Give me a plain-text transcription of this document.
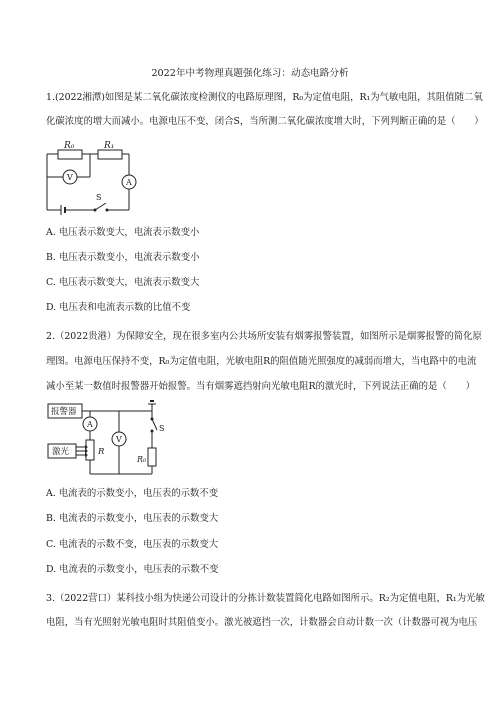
2022年中考物理真题强化练习：动态电路分析
1.(2022湘潭)如图是某二氧化碳浓度检测仪的电路原理图，R₀为定值电阻，R₁为气敏电阻，其阻值随二氧
化碳浓度的增大而减小。电源电压不变，闭合S，当所测二氧化碳浓度增大时，下列判断正确的是（　　）
R₀	R₁
V
A
S
A. 电压表示数变大，电流表示数变小
B. 电压表示数变小，电流表示数变小
C. 电压表示数变大，电流表示数变大
D. 电压表和电流表示数的比值不变
2.（2022贵港）为保障安全，现在很多室内公共场所安装有烟雾报警装置，如图所示是烟雾报警的简化原
理图。电源电压保持不变，R₀为定值电阻，光敏电阻R的阻值随光照强度的减弱而增大，当电路中的电流
减小至某一数值时报警器开始报警。当有烟雾遮挡射向光敏电阻R的激光时，下列说法正确的是（　　）
报警器
激光
A
V
R
R₀
S
A. 电流表的示数变小，电压表的示数不变
B. 电流表的示数变小，电压表的示数变大
C. 电流表的示数不变，电压表的示数变大
D. 电流表的示数变小，电压表的示数不变
3.（2022营口）某科技小组为快递公司设计的分拣计数装置简化电路如图所示。R₂为定值电阻，R₁为光敏
电阻，当有光照射光敏电阻时其阻值变小。激光被遮挡一次，计数器会自动计数一次（计数器可视为电压
